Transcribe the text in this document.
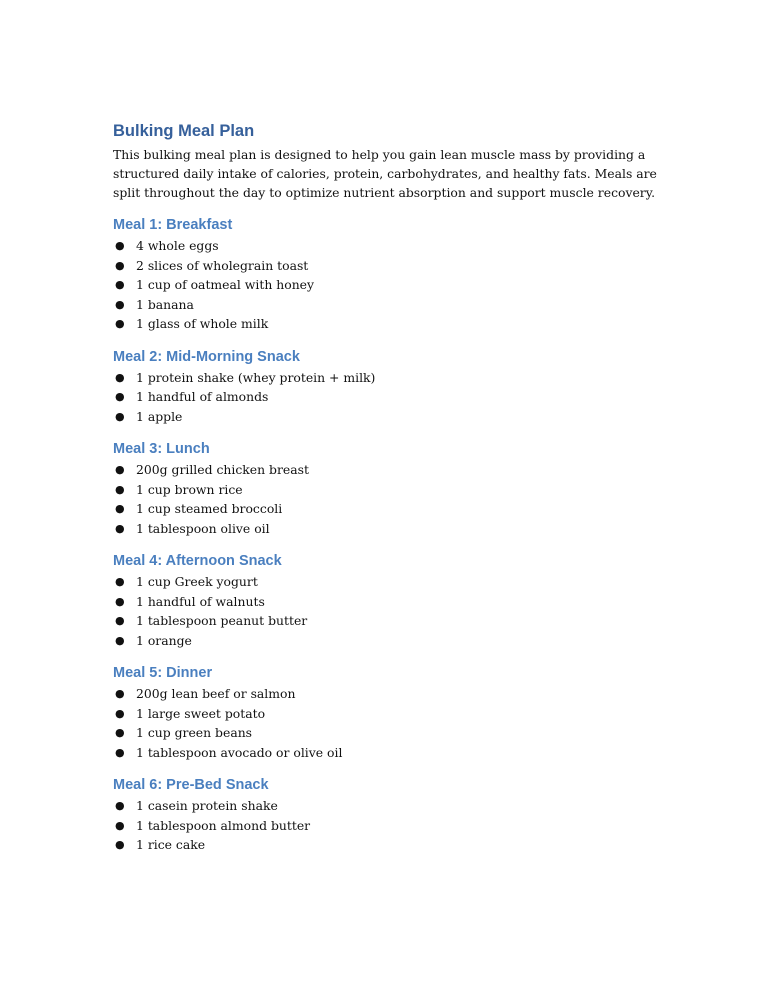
Bulking Meal Plan

This bulking meal plan is designed to help you gain lean muscle mass by providing a structured daily intake of calories, protein, carbohydrates, and healthy fats. Meals are split throughout the day to optimize nutrient absorption and support muscle recovery.

Meal 1: Breakfast
● 4 whole eggs
● 2 slices of wholegrain toast
● 1 cup of oatmeal with honey
● 1 banana
● 1 glass of whole milk
Meal 2: Mid-Morning Snack
● 1 protein shake (whey protein + milk)
● 1 handful of almonds
● 1 apple
Meal 3: Lunch
● 200g grilled chicken breast
● 1 cup brown rice
● 1 cup steamed broccoli
● 1 tablespoon olive oil
Meal 4: Afternoon Snack
● 1 cup Greek yogurt
● 1 handful of walnuts
● 1 tablespoon peanut butter
● 1 orange
Meal 5: Dinner
● 200g lean beef or salmon
● 1 large sweet potato
● 1 cup green beans
● 1 tablespoon avocado or olive oil
Meal 6: Pre-Bed Snack
● 1 casein protein shake
● 1 tablespoon almond butter
● 1 rice cake
